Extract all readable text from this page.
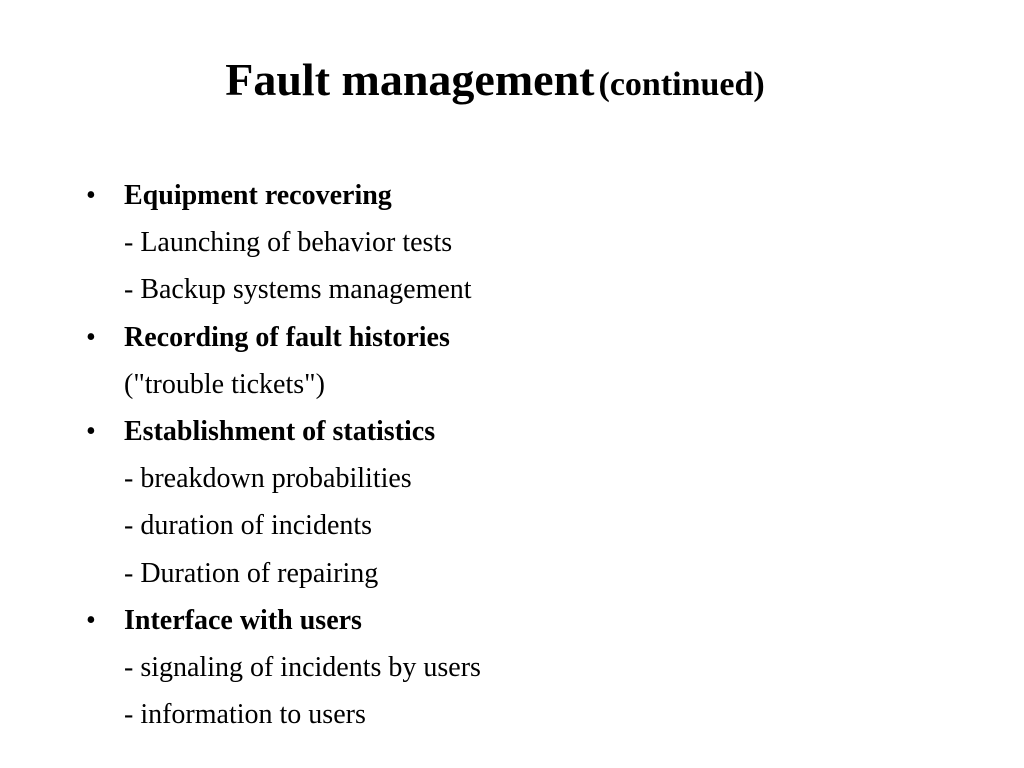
Fault management (continued)
• Equipment recovering
- Launching of behavior tests
- Backup systems management
• Recording of fault histories
("trouble tickets")
• Establishment of statistics
- breakdown probabilities
- duration of incidents
- Duration of repairing
• Interface with users
- signaling of incidents by users
- information to users
